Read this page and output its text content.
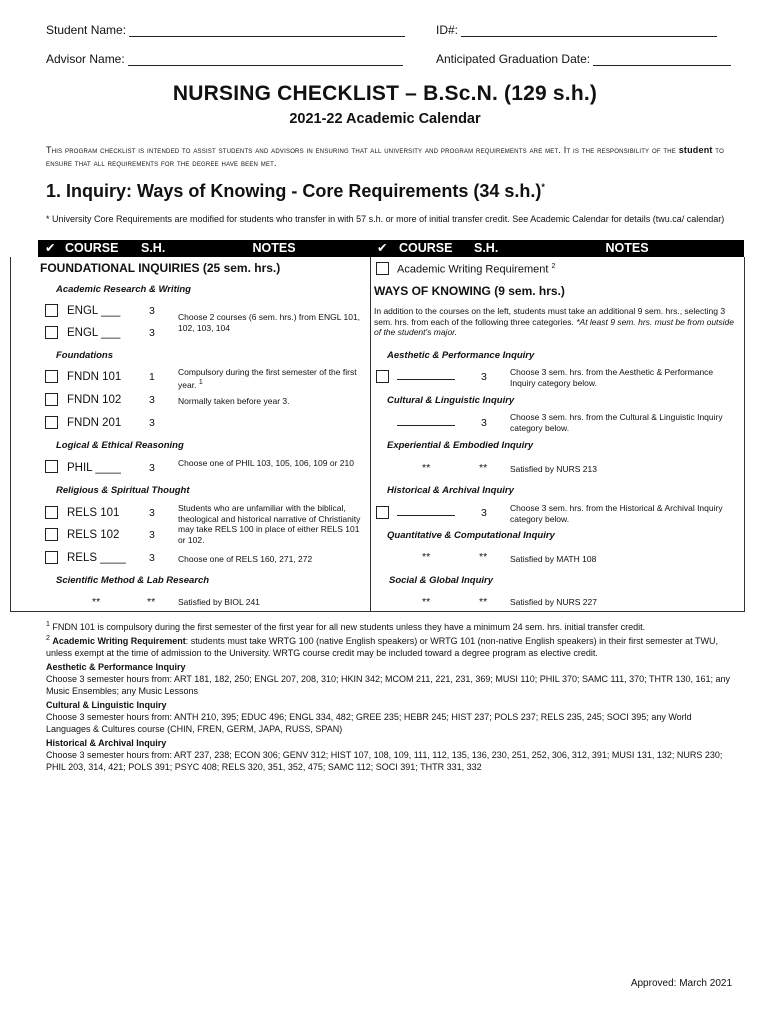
Student Name:	ID#:
Advisor Name:	Anticipated Graduation Date:
NURSING CHECKLIST – B.Sc.N. (129 s.h.)
2021-22 Academic Calendar
This program checklist is intended to assist students and advisors in ensuring that all university and program requirements are met. It is the responsibility of the student to ensure that all requirements for the degree have been met.
1. Inquiry: Ways of Knowing - Core Requirements (34 s.h.)*
* University Core Requirements are modified for students who transfer in with 57 s.h. or more of initial transfer credit. See Academic Calendar for details (twu.ca/ calendar)
✔ COURSE	S.H.	NOTES	✔ COURSE	S.H.	NOTES
FOUNDATIONAL INQUIRIES (25 sem. hrs.)
Academic Research & Writing
ENGL ___	3
ENGL ___	3
Choose 2 courses (6 sem. hrs.) from ENGL 101, 102, 103, 104
Foundations
FNDN 101	1	Compulsory during the first semester of the first year. $^1$
FNDN 102	3	Normally taken before year 3.
FNDN 201	3
Logical & Ethical Reasoning
PHIL ____	3	Choose one of PHIL 103, 105, 106, 109 or 210
Religious & Spiritual Thought
RELS 101	3
RELS 102	3
Students who are unfamiliar with the biblical, theological and historical narrative of Christianity may take RELS 100 in place of either RELS 101 or 102.
RELS ____ 3	Choose one of RELS 160, 271, 272
Scientific Method & Lab Research
**	**	Satisfied by BIOL 241
Academic Writing Requirement $^2$
WAYS OF KNOWING (9 sem. hrs.)
In addition to the courses on the left, students must take an additional 9 sem. hrs., selecting 3 sem. hrs. from each of the following three categories. *At least 9 sem. hrs. must be from outside of the student's major.
Aesthetic & Performance Inquiry
3	Choose 3 sem. hrs. from the Aesthetic & Performance Inquiry category below.
Cultural & Linguistic Inquiry
3	Choose 3 sem. hrs. from the Cultural & Linguistic Inquiry category below.
Experiential & Embodied Inquiry
**	**	Satisfied by NURS 213
Historical & Archival Inquiry
3	Choose 3 sem. hrs. from the Historical & Archival Inquiry category below.
Quantitative & Computational Inquiry
**	**	Satisfied by MATH 108
Social & Global Inquiry
**	**	Satisfied by NURS 227
$^1$ FNDN 101 is compulsory during the first semester of the first year for all new students unless they have a minimum 24 sem. hrs. initial transfer credit.
$^2$ Academic Writing Requirement: students must take WRTG 100 (native English speakers) or WRTG 101 (non-native English speakers) in their first semester at TWU, unless exempt at the time of admission to the University. WRTG course credit may be included toward a degree program as elective credit.
Aesthetic & Performance Inquiry
Choose 3 semester hours from: ART 181, 182, 250; ENGL 207, 208, 310; HKIN 342; MCOM 211, 221, 231, 369; MUSI 110; PHIL 370; SAMC 111, 370; THTR 130, 161; any Music Ensembles; any Music Lessons
Cultural & Linguistic Inquiry
Choose 3 semester hours from: ANTH 210, 395; EDUC 496; ENGL 334, 482; GREE 235; HEBR 245; HIST 237; POLS 237; RELS 235, 245; SOCI 395; any World Languages & Cultures course (CHIN, FREN, GERM, JAPA, RUSS, SPAN)
Historical & Archival Inquiry
Choose 3 semester hours from: ART 237, 238; ECON 306; GENV 312; HIST 107, 108, 109, 111, 112, 135, 136, 230, 251, 252, 306, 312, 391; MUSI 131, 132; NURS 230; PHIL 203, 314, 421; POLS 391; PSYC 408; RELS 320, 351, 352, 475; SAMC 112; SOCI 391; THTR 331, 332
Approved: March 2021
